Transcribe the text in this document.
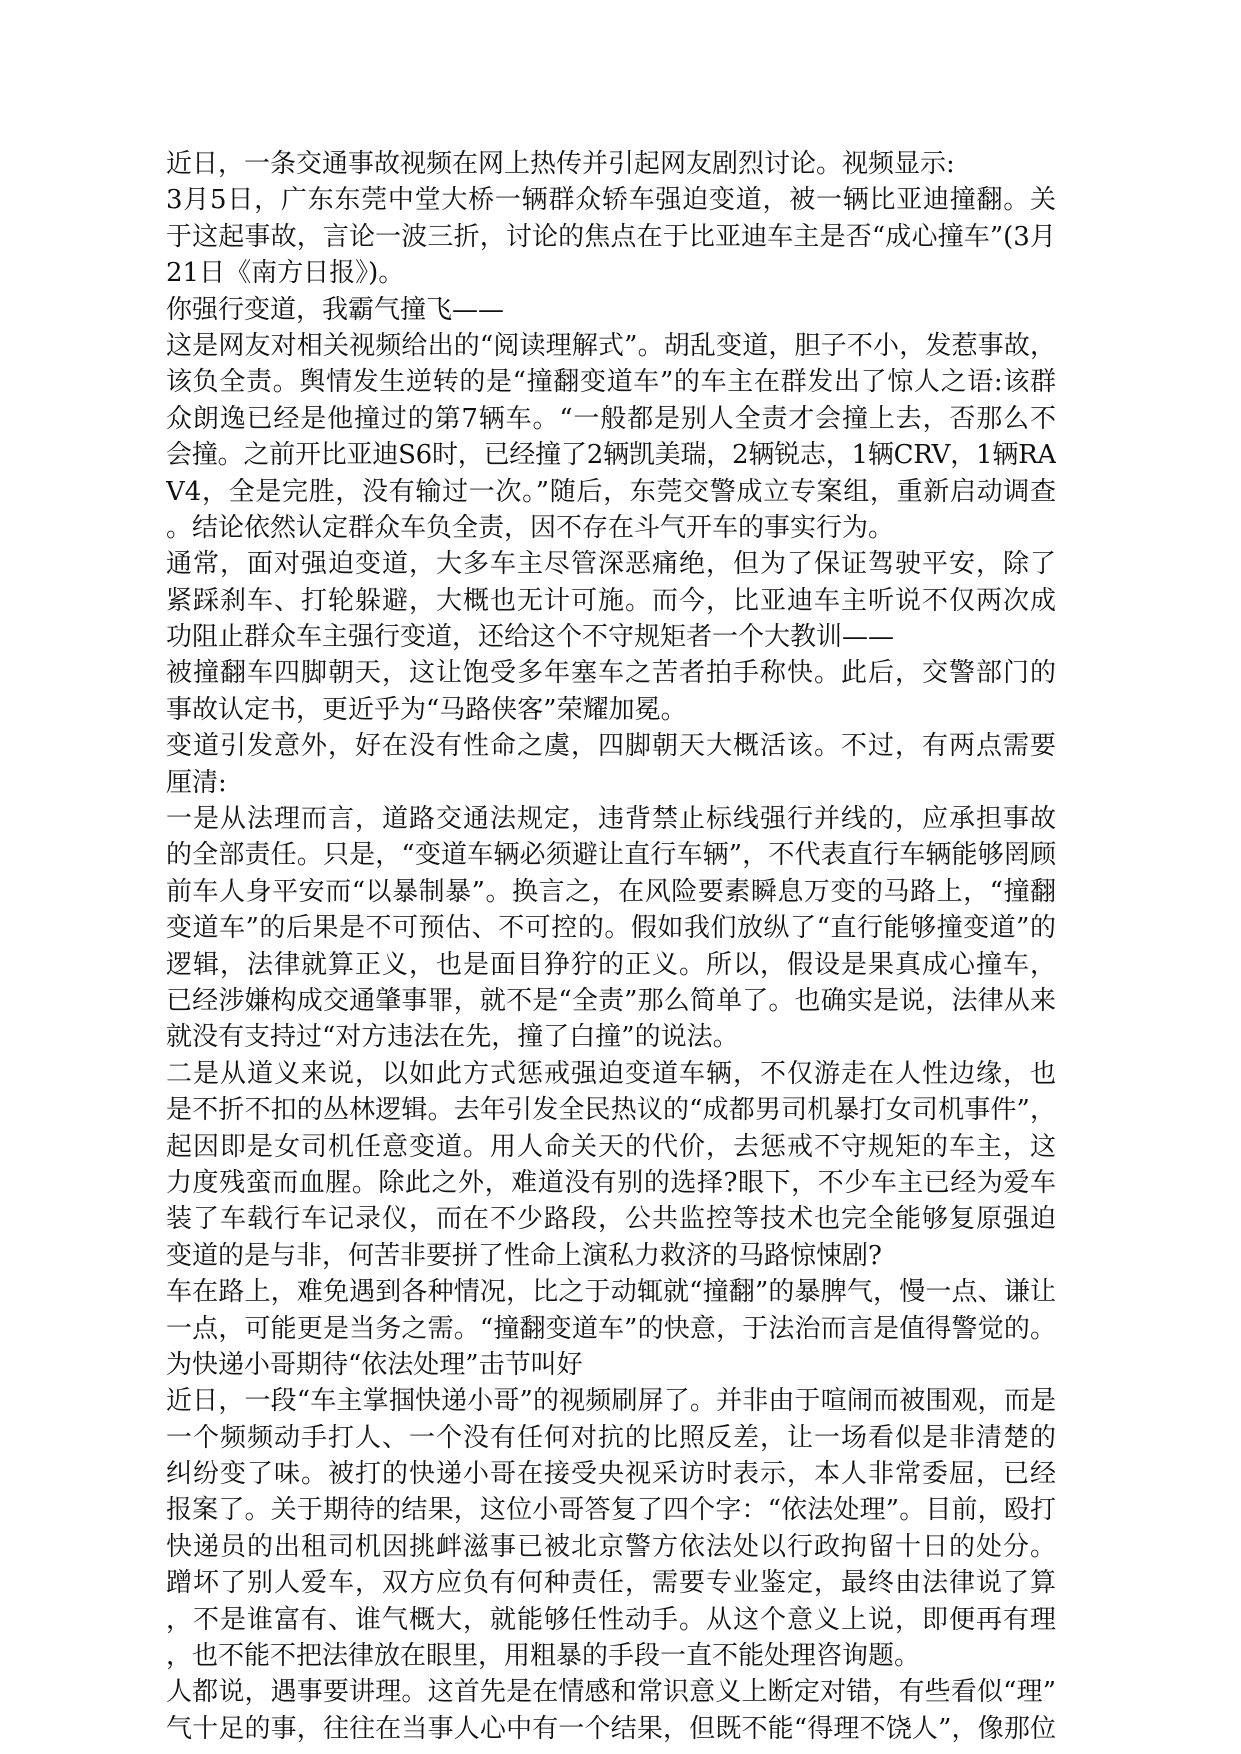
近日，一条交通事故视频在网上热传并引起网友剧烈讨论。视频显示:
3月5日，广东东莞中堂大桥一辆群众轿车强迫变道，被一辆比亚迪撞翻。关
于这起事故，言论一波三折，讨论的焦点在于比亚迪车主是否“成心撞车”(3月
21日《南方日报》)。
你强行变道，我霸气撞飞——
这是网友对相关视频给出的“阅读理解式”。胡乱变道，胆子不小，发惹事故，
该负全责。舆情发生逆转的是“撞翻变道车”的车主在群发出了惊人之语:该群
众朗逸已经是他撞过的第7辆车。“一般都是别人全责才会撞上去，否那么不
会撞。之前开比亚迪S6时，已经撞了2辆凯美瑞，2辆锐志，1辆CRV，1辆RA
V4，全是完胜，没有输过一次。”随后，东莞交警成立专案组，重新启动调查
。结论依然认定群众车负全责，因不存在斗气开车的事实行为。
通常，面对强迫变道，大多车主尽管深恶痛绝，但为了保证驾驶平安，除了
紧踩刹车、打轮躲避，大概也无计可施。而今，比亚迪车主听说不仅两次成
功阻止群众车主强行变道，还给这个不守规矩者一个大教训——
被撞翻车四脚朝天，这让饱受多年塞车之苦者拍手称快。此后，交警部门的
事故认定书，更近乎为“马路侠客”荣耀加冕。
变道引发意外，好在没有性命之虞，四脚朝天大概活该。不过，有两点需要
厘清:
一是从法理而言，道路交通法规定，违背禁止标线强行并线的，应承担事故
的全部责任。只是，“变道车辆必须避让直行车辆”，不代表直行车辆能够罔顾
前车人身平安而“以暴制暴”。换言之，在风险要素瞬息万变的马路上，“撞翻
变道车”的后果是不可预估、不可控的。假如我们放纵了“直行能够撞变道”的
逻辑，法律就算正义，也是面目狰狞的正义。所以，假设是果真成心撞车，
已经涉嫌构成交通肇事罪，就不是“全责”那么简单了。也确实是说，法律从来
就没有支持过“对方违法在先，撞了白撞”的说法。
二是从道义来说，以如此方式惩戒强迫变道车辆，不仅游走在人性边缘，也
是不折不扣的丛林逻辑。去年引发全民热议的“成都男司机暴打女司机事件”，
起因即是女司机任意变道。用人命关天的代价，去惩戒不守规矩的车主，这
力度残蛮而血腥。除此之外，难道没有别的选择?眼下，不少车主已经为爱车
装了车载行车记录仪，而在不少路段，公共监控等技术也完全能够复原强迫
变道的是与非，何苦非要拼了性命上演私力救济的马路惊悚剧?
车在路上，难免遇到各种情况，比之于动辄就“撞翻”的暴脾气，慢一点、谦让
一点，可能更是当务之需。“撞翻变道车”的快意，于法治而言是值得警觉的。
为快递小哥期待“依法处理”击节叫好
近日，一段“车主掌掴快递小哥”的视频刷屏了。并非由于喧闹而被围观，而是
一个频频动手打人、一个没有任何对抗的比照反差，让一场看似是非清楚的
纠纷变了味。被打的快递小哥在接受央视采访时表示，本人非常委屈，已经
报案了。关于期待的结果，这位小哥答复了四个字：“依法处理”。目前，殴打
快递员的出租司机因挑衅滋事已被北京警方依法处以行政拘留十日的处分。
蹭坏了别人爱车，双方应负有何种责任，需要专业鉴定，最终由法律说了算
，不是谁富有、谁气概大，就能够任性动手。从这个意义上说，即便再有理
，也不能不把法律放在眼里，用粗暴的手段一直不能处理咨询题。
人都说，遇事要讲理。这首先是在情感和常识意义上断定对错，有些看似“理”
气十足的事，往往在当事人心中有一个结果，但既不能“得理不饶人”，像那位
